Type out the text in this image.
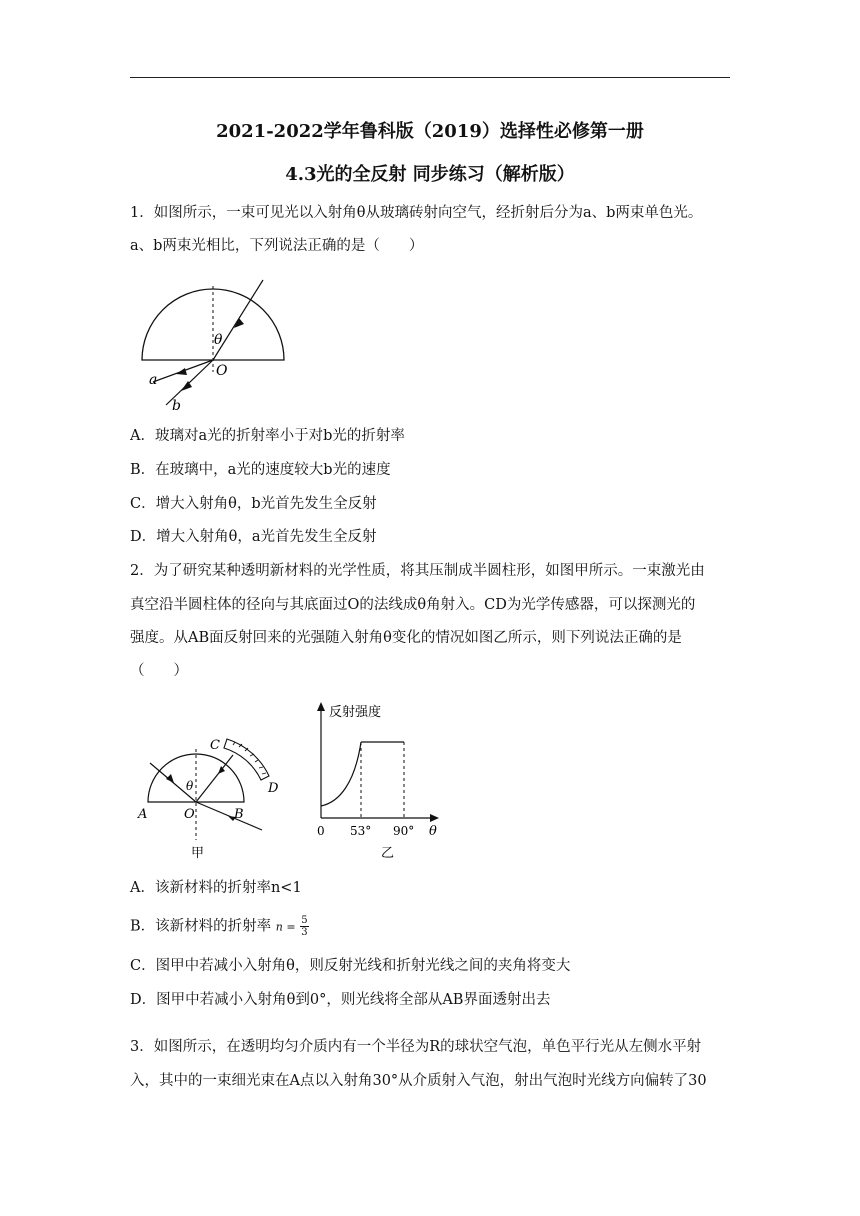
2021-2022学年鲁科版（2019）选择性必修第一册
4.3光的全反射 同步练习（解析版）
1．如图所示，一束可见光以入射角θ从玻璃砖射向空气，经折射后分为a、b两束单色光。
a、b两束光相比，下列说法正确的是（　　）
θ
O
a
b
A．玻璃对a光的折射率小于对b光的折射率
B．在玻璃中，a光的速度较大b光的速度
C．增大入射角θ，b光首先发生全反射
D．增大入射角θ，a光首先发生全反射
2．为了研究某种透明新材料的光学性质，将其压制成半圆柱形，如图甲所示。一束激光由
真空沿半圆柱体的径向与其底面过O的法线成θ角射入。CD为光学传感器，可以探测光的
强度。从AB面反射回来的光强随入射角θ变化的情况如图乙所示，则下列说法正确的是
（　　）
C
D
A	O	B
θ
甲
反射强度
0 53° 90° θ
乙
A．该新材料的折射率n<1
B．该新材料的折射率 $n = \frac{5}{3}$
C．图甲中若减小入射角θ，则反射光线和折射光线之间的夹角将变大
D．图甲中若减小入射角θ到0°，则光线将全部从AB界面透射出去
3．如图所示，在透明均匀介质内有一个半径为R的球状空气泡，单色平行光从左侧水平射
入，其中的一束细光束在A点以入射角30°从介质射入气泡，射出气泡时光线方向偏转了30
